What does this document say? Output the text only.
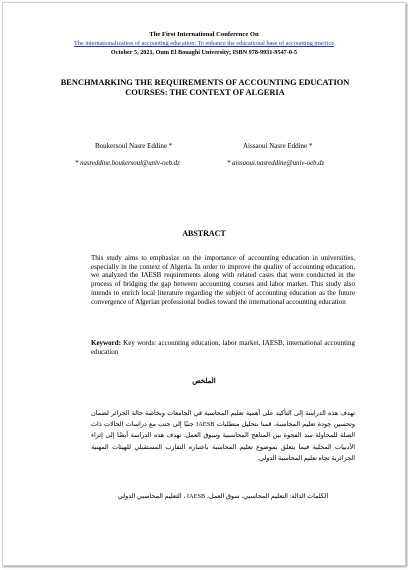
The First International Conference On
The internationalization of accounting education: To enhance the educational base of accounting practice
October 5, 2021, Oum El Bouaghi University; ISBN 978-9931-9547-0-5
BENCHMARKING THE REQUIREMENTS OF ACCOUNTING EDUCATION COURSES: THE CONTEXT OF ALGERIA
Boukersoul Nasre Eddine *	Aissaoui Nasre Eddine *
* nasreddine.boukersoul@univ-oeb.dz	* aissaoui.nasreddine@univ-oeb.dz
ABSTRACT
This study aims to emphasize on the importance of accounting education in universities, especially in the context of Algeria. In order to improve the quality of accounting education, we analyzed the IAESB requirements along with related cases that were conducted in the process of bridging the gap between accounting courses and labor market. This study also intends to enrich local literature regarding the subject of accounting education as the future convergence of Algerian professional bodies toward the international accounting education
Keyword: Key words: accounting education, labor market, IAESB, international accounting education
الملخص
تهدف هذه الدراسة إلى التأكيد على أهمية تعليم المحاسبة في الجامعات وبخاصة حالة الجزائر لضمان وتحسين جودة تعليم المحاسبة، قمنا بتحليل متطلبات IAESB جنبًا إلى جنب مع دراسات الحالات ذات الصلة للمحاولة سد الفجوة بين المناهج المحاسبية وسوق العمل. تهدف هذه الدراسة أيضًا إلى إثراء الأدبيات المحلية فيما يتعلق بموضوع تعليم المحاسبة باعتباره التقارب المستقبلي للهيئات المهنية الجزائرية تجاه تعليم المحاسبة الدولي.
الكلمات الدالة: التعليم المحاسبي، سوق العمل، IAESB ، التعليم المحاسبي الدولي
